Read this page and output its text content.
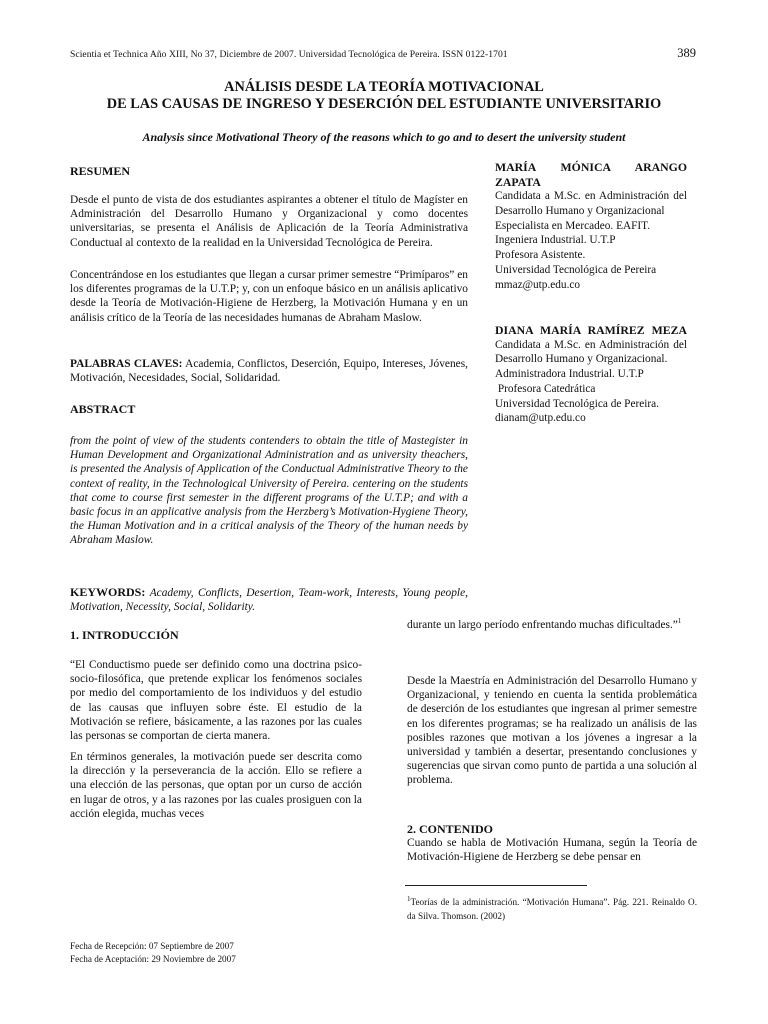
Scientia et Technica Año XIII, No 37, Diciembre de 2007. Universidad Tecnológica de Pereira. ISSN 0122-1701	389
ANÁLISIS DESDE LA TEORÍA MOTIVACIONAL
DE LAS CAUSAS DE INGRESO Y DESERCIÓN DEL ESTUDIANTE UNIVERSITARIO
Analysis since Motivational Theory of the reasons which to go and to desert the university student
RESUMEN
Desde el punto de vista de dos estudiantes aspirantes a obtener el título de Magíster en Administración del Desarrollo Humano y Organizacional y como docentes universitarias, se presenta el Análisis de Aplicación de la Teoría Administrativa Conductual al contexto de la realidad en la Universidad Tecnológica de Pereira.
Concentrándose en los estudiantes que llegan a cursar primer semestre “Primíparos” en los diferentes programas de la U.T.P; y, con un enfoque básico en un análisis aplicativo desde la Teoría de Motivación-Higiene de Herzberg, la Motivación Humana y en un análisis crítico de la Teoría de las necesidades humanas de Abraham Maslow.
PALABRAS CLAVES: Academia, Conflictos, Deserción, Equipo, Intereses, Jóvenes, Motivación, Necesidades, Social, Solidaridad.
ABSTRACT
from the point of view of the students contenders to obtain the title of Mastegister in Human Development and Organizational Administration and as university theachers, is presented the Analysis of Application of the Conductual Administrative Theory to the context of reality, in the Technological University of Pereira. centering on the students that come to course first semester in the different programs of the U.T.P; and with a basic focus in an applicative analysis from the Herzberg’s Motivation-Hygiene Theory, the Human Motivation and in a critical analysis of the Theory of the human needs by Abraham Maslow.
KEYWORDS: Academy, Conflicts, Desertion, Team-work, Interests, Young people, Motivation, Necessity, Social, Solidarity.
MARÍA MÓNICA ARANGO ZAPATA
Candidata a M.Sc. en Administración del Desarrollo Humano y Organizacional
Especialista en Mercadeo. EAFIT.
Ingeniera Industrial. U.T.P
Profesora Asistente.
Universidad Tecnológica de Pereira
mmaz@utp.edu.co
DIANA MARÍA RAMÍREZ MEZA
Candidata a M.Sc. en Administración del Desarrollo Humano y Organizacional.
Administradora Industrial. U.T.P
Profesora Catedrática
Universidad Tecnológica de Pereira.
dianam@utp.edu.co
1. INTRODUCCIÓN
“El Conductismo puede ser definido como una doctrina psico-socio-filosófica, que pretende explicar los fenómenos sociales por medio del comportamiento de los individuos y del estudio de las causas que influyen sobre éste. El estudio de la Motivación se refiere, básicamente, a las razones por las cuales las personas se comportan de cierta manera.
En términos generales, la motivación puede ser descrita como la dirección y la perseverancia de la acción. Ello se refiere a una elección de las personas, que optan por un curso de acción en lugar de otros, y a las razones por las cuales prosiguen con la acción elegida, muchas veces
durante un largo período enfrentando muchas dificultades.”$^1$
Desde la Maestría en Administración del Desarrollo Humano y Organizacional, y teniendo en cuenta la sentida problemática de deserción de los estudiantes que ingresan al primer semestre en los diferentes programas; se ha realizado un análisis de las posibles razones que motivan a los jóvenes a ingresar a la universidad y también a desertar, presentando conclusiones y sugerencias que sirvan como punto de partida a una solución al problema.
2. CONTENIDO
Cuando se habla de Motivación Humana, según la Teoría de Motivación-Higiene de Herzberg se debe pensar en
$^1$Teorías de la administración. “Motivación Humana”. Pág. 221. Reinaldo O. da Silva. Thomson. (2002)
Fecha de Recepción: 07 Septiembre de 2007
Fecha de Aceptación: 29 Noviembre de 2007
